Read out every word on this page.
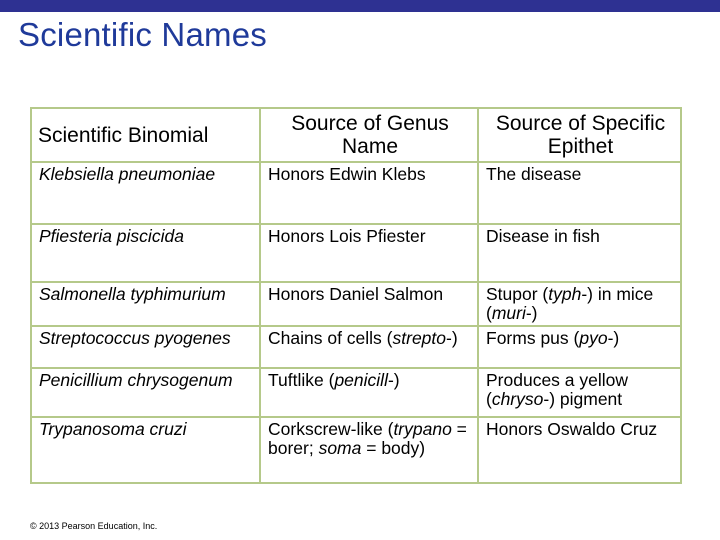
Scientific Names
Scientific Binomial	Source of Genus Name	Source of Specific Epithet
Klebsiella pneumoniae	Honors Edwin Klebs	The disease
Pfiesteria piscicida	Honors Lois Pfiester	Disease in fish
Salmonella typhimurium	Honors Daniel Salmon	Stupor (typh-) in mice (muri-)
Streptococcus pyogenes	Chains of cells (strepto-)	Forms pus (pyo-)
Penicillium chrysogenum	Tuftlike (penicill-)	Produces a yellow (chryso-) pigment
Trypanosoma cruzi	Corkscrew-like (trypano = borer; soma = body)	Honors Oswaldo Cruz
© 2013 Pearson Education, Inc.
